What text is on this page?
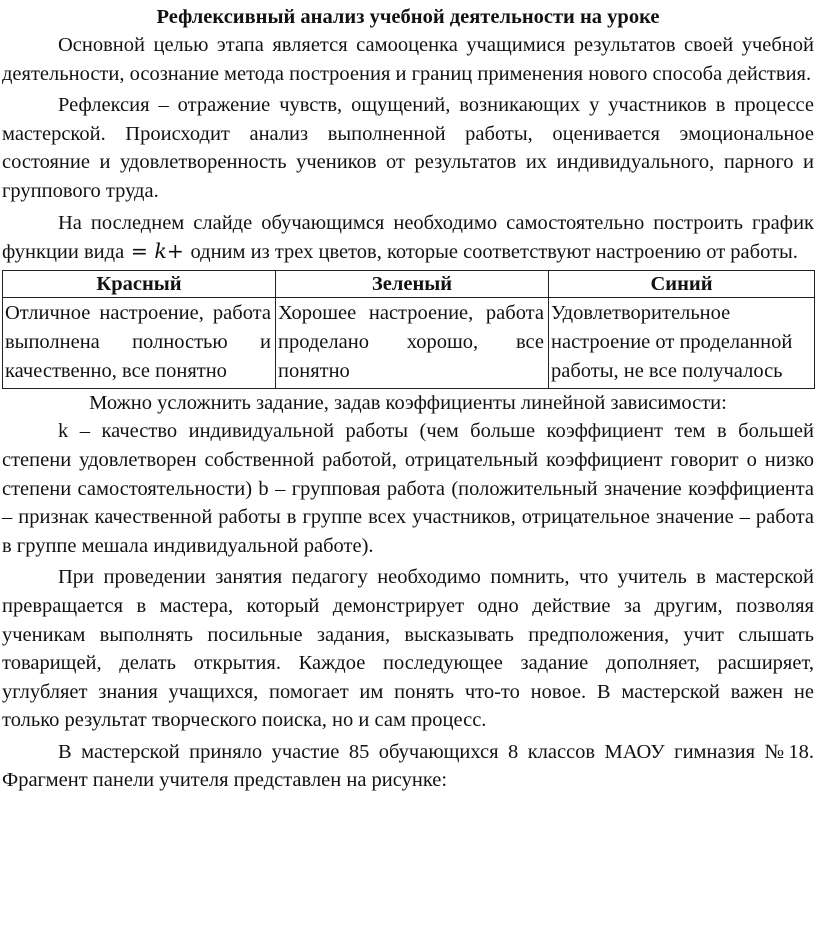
Рефлексивный анализ учебной деятельности на уроке

Основной целью этапа является самооценка учащимися результатов своей учебной деятельности, осознание метода построения и границ применения нового способа действия.

Рефлексия – отражение чувств, ощущений, возникающих у участников в процессе мастерской. Происходит анализ выполненной работы, оценивается эмоциональное состояние и удовлетворенность учеников от результатов их индивидуального, парного и группового труда.

На последнем слайде обучающимся необходимо самостоятельно построить график функции вида = 𝑘+ одним из трех цветов, которые соответствуют настроению от работы.

Красный	Зеленый	Синий
Отличное настроение, работа выполнена полностью и качественно, все понятно	Хорошее настроение, работа проделано хорошо, все понятно	Удовлетворительное настроение от проделанной работы, не все получалось

Можно усложнить задание, задав коэффициенты линейной зависимости:

k – качество индивидуальной работы (чем больше коэффициент тем в большей степени удовлетворен собственной работой, отрицательный коэффициент говорит о низко степени самостоятельности) b – групповая работа (положительный значение коэффициента – признак качественной работы в группе всех участников, отрицательное значение – работа в группе мешала индивидуальной работе).

При проведении занятия педагогу необходимо помнить, что учитель в мастерской превращается в мастера, который демонстрирует одно действие за другим, позволяя ученикам выполнять посильные задания, высказывать предположения, учит слышать товарищей, делать открытия. Каждое последующее задание дополняет, расширяет, углубляет знания учащихся, помогает им понять что-то новое. В мастерской важен не только результат творческого поиска, но и сам процесс.

В мастерской приняло участие 85 обучающихся 8 классов МАОУ гимназия №18. Фрагмент панели учителя представлен на рисунке:
